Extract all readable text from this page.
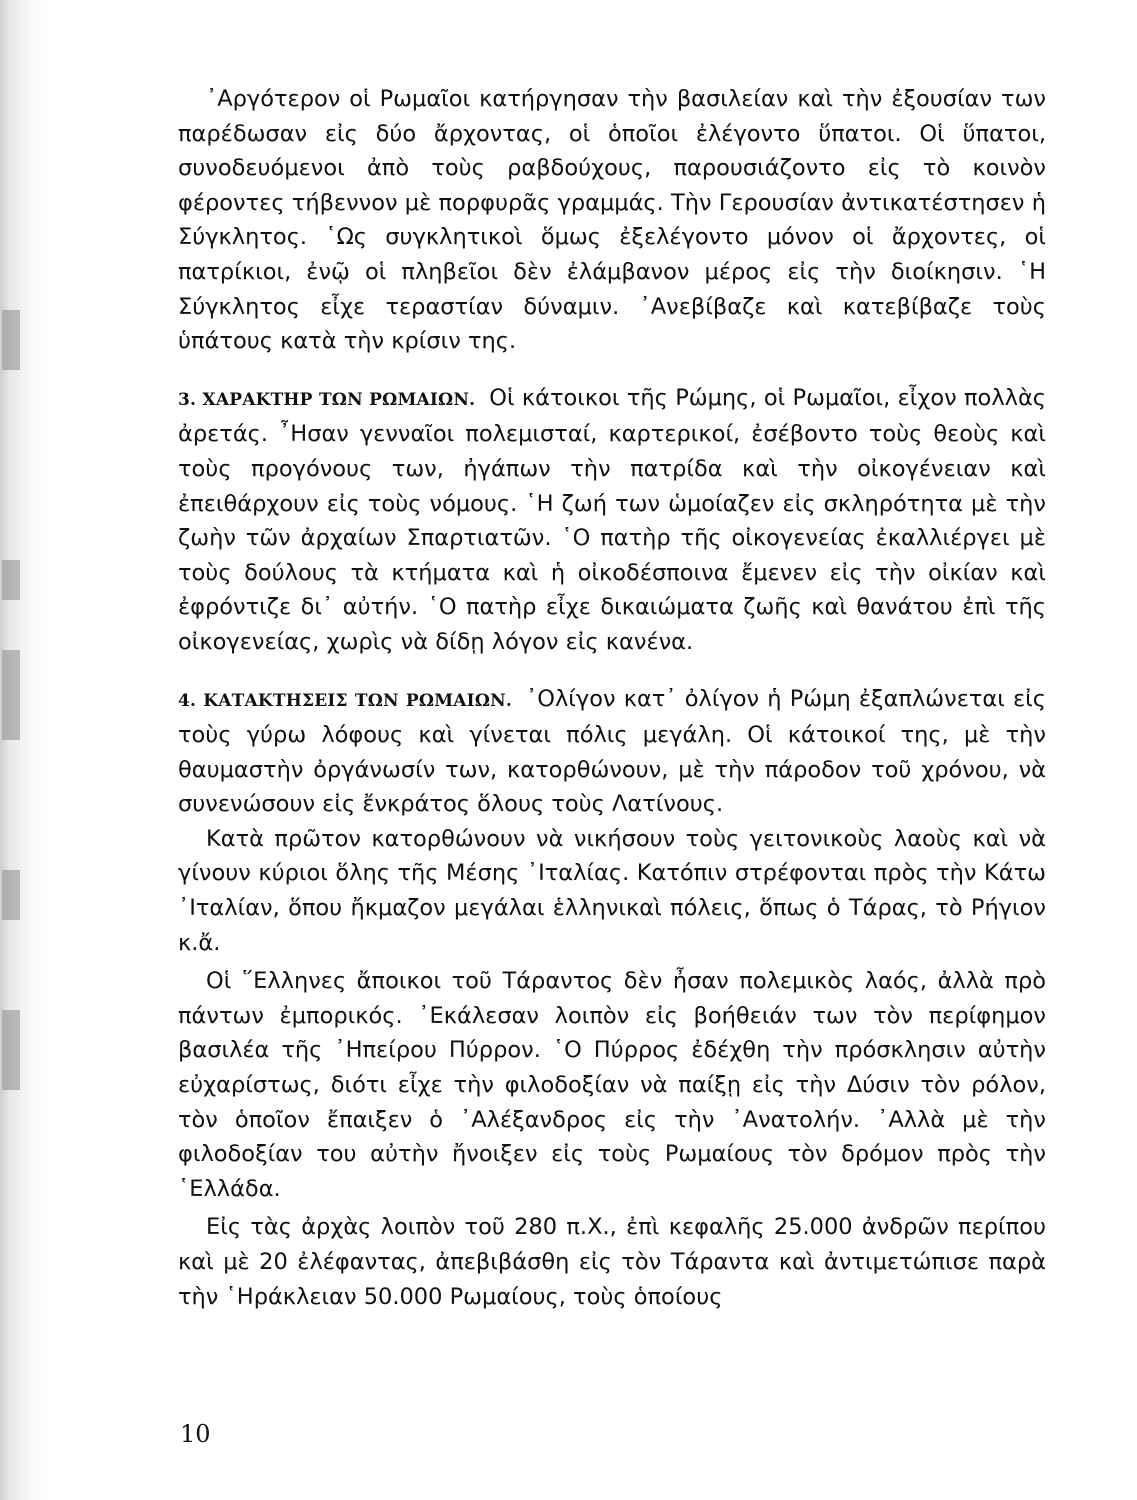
᾿Αργότερον οἱ Ρωμαῖοι κατήργησαν τὴν βασιλείαν καὶ τὴν ἐξουσίαν των παρέδωσαν εἰς δύο ἄρχοντας, οἱ ὁποῖοι ἐλέγοντο ὕπατοι. Οἱ ὕπατοι, συνοδευόμενοι ἀπὸ τοὺς ραβδούχους, παρουσιάζοντο εἰς τὸ κοινὸν φέροντες τήβεννον μὲ πορφυρᾶς γραμμάς. Τὴν Γερουσίαν ἀντικατέστησεν ἡ Σύγκλητος. ῾Ως συγκλητικοὶ ὅμως ἐξελέγοντο μόνον οἱ ἄρχοντες, οἱ πατρίκιοι, ἐνῷ οἱ πληβεῖοι δὲν ἐλάμβανον μέρος εἰς τὴν διοίκησιν. ῾Η Σύγκλητος εἶχε τεραστίαν δύναμιν. ᾿Ανεβίβαζε καὶ κατεβίβαζε τοὺς ὑπάτους κατὰ τὴν κρίσιν της.

3. ΧΑΡΑΚΤΗΡ ΤΩΝ ΡΩΜΑΙΩΝ. Οἱ κάτοικοι τῆς Ρώμης, οἱ Ρωμαῖοι, εἶχον πολλὰς ἀρετάς. ῏Ησαν γενναῖοι πολεμισταί, καρτερικοί, ἐσέβοντο τοὺς θεοὺς καὶ τοὺς προγόνους των, ἠγάπων τὴν πατρίδα καὶ τὴν οἰκογένειαν καὶ ἐπειθάρχουν εἰς τοὺς νόμους. ῾Η ζωή των ὡμοίαζεν εἰς σκληρότητα μὲ τὴν ζωὴν τῶν ἀρχαίων Σπαρτιατῶν. ῾Ο πατὴρ τῆς οἰκογενείας ἐκαλλιέργει μὲ τοὺς δούλους τὰ κτήματα καὶ ἡ οἰκοδέσποινα ἔμενεν εἰς τὴν οἰκίαν καὶ ἐφρόντιζε δι᾿ αὐτήν. ῾Ο πατὴρ εἶχε δικαιώματα ζωῆς καὶ θανάτου ἐπὶ τῆς οἰκογενείας, χωρὶς νὰ δίδῃ λόγον εἰς κανένα.

4. ΚΑΤΑΚΤΗΣΕΙΣ ΤΩΝ ΡΩΜΑΙΩΝ. ᾿Ολίγον κατ᾿ ὀλίγον ἡ Ρώμη ἐξαπλώνεται εἰς τοὺς γύρω λόφους καὶ γίνεται πόλις μεγάλη. Οἱ κάτοικοί της, μὲ τὴν θαυμαστὴν ὀργάνωσίν των, κατορθώνουν, μὲ τὴν πάροδον τοῦ χρόνου, νὰ συνενώσουν εἰς ἔνκράτος ὅλους τοὺς Λατίνους.

Κατὰ πρῶτον κατορθώνουν νὰ νικήσουν τοὺς γειτονικοὺς λαοὺς καὶ νὰ γίνουν κύριοι ὅλης τῆς Μέσης ᾿Ιταλίας. Κατόπιν στρέφονται πρὸς τὴν Κάτω ᾿Ιταλίαν, ὅπου ἤκμαζον μεγάλαι ἑλληνικαὶ πόλεις, ὅπως ὁ Τάρας, τὸ Ρήγιον κ.ἄ.

Οἱ ῞Ελληνες ἄποικοι τοῦ Τάραντος δὲν ἦσαν πολεμικὸς λαός, ἀλλὰ πρὸ πάντων ἐμπορικός. ᾿Εκάλεσαν λοιπὸν εἰς βοήθειάν των τὸν περίφημον βασιλέα τῆς ᾿Ηπείρου Πύρρον. ῾Ο Πύρρος ἐδέχθη τὴν πρόσκλησιν αὐτὴν εὐχαρίστως, διότι εἶχε τὴν φιλοδοξίαν νὰ παίξῃ εἰς τὴν Δύσιν τὸν ρόλον, τὸν ὁποῖον ἔπαιξεν ὁ ᾿Αλέξανδρος εἰς τὴν ᾿Ανατολήν. ᾿Αλλὰ μὲ τὴν φιλοδοξίαν του αὐτὴν ἤνοιξεν εἰς τοὺς Ρωμαίους τὸν δρόμον πρὸς τὴν ῾Ελλάδα.

Εἰς τὰς ἀρχὰς λοιπὸν τοῦ 280 π.Χ., ἐπὶ κεφαλῆς 25.000 ἀνδρῶν περίπου καὶ μὲ 20 ἐλέφαντας, ἀπεβιβάσθη εἰς τὸν Τάραντα καὶ ἀντιμετώπισε παρὰ τὴν ῾Ηράκλειαν 50.000 Ρωμαίους, τοὺς ὁποίους

10
